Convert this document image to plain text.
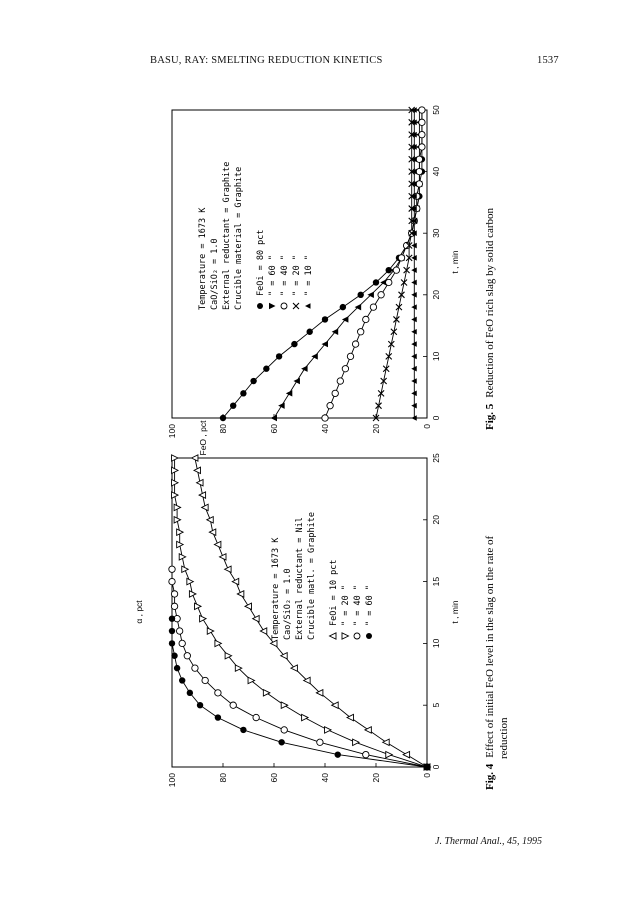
BASU, RAY: SMELTING REDUCTION KINETICS	1537
0
20
40
60
80
100
0
5
10
15
20
25
α , pct	t , min
Temperature = 1673 K Cao/SiO₂ = 1.0 External reductant = Nil Crucible matl. = Graphite FeOi = 10 pct " = 20 " " = 40 " " = 60 "
Fig. 4Effect of initial FeO level in the slag on the rate of reduction
0
20
40
60
80
100
0
10
20
30
40
50
FeO , pct
t , min
Temperature = 1673 K CaO/SiO₂ = 1.0 External reductant = Graphite Crucible material = Graphite FeOi = 80 pct " = 60 " " = 40 " " = 20 " " = 10 "
Fig. 5Reduction of FeO rich slag by solid carbon
J. Thermal Anal., 45, 1995
